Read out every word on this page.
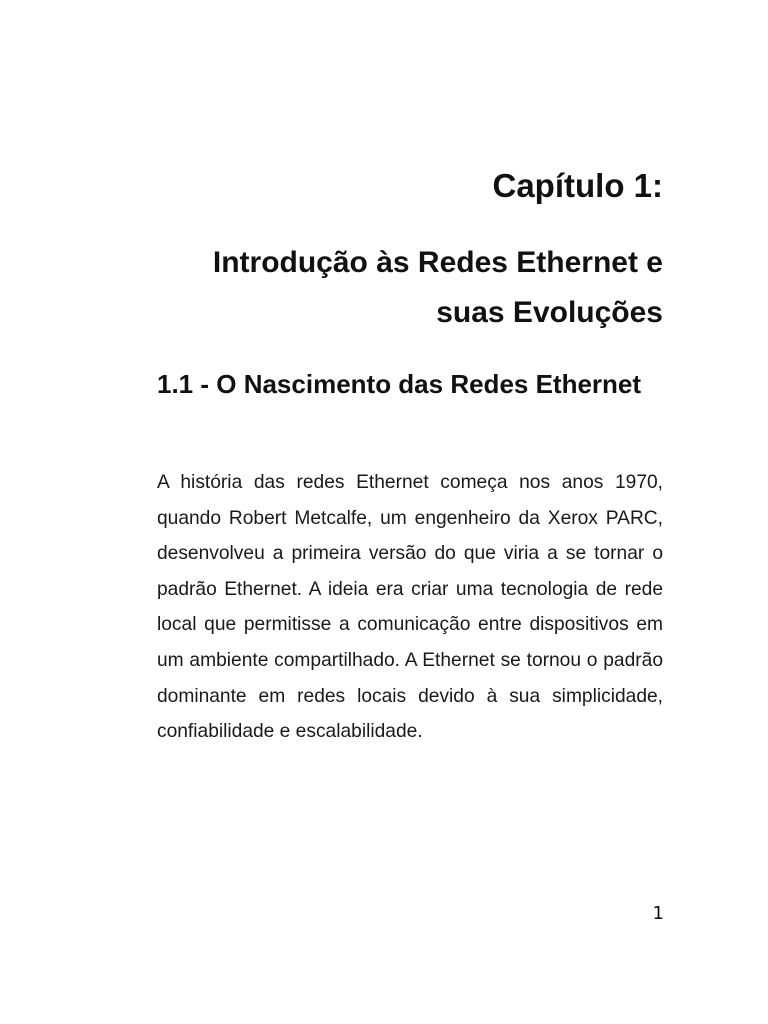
Capítulo 1:
Introdução às Redes Ethernet e suas Evoluções
1.1 - O Nascimento das Redes Ethernet

A história das redes Ethernet começa nos anos 1970, quando Robert Metcalfe, um engenheiro da Xerox PARC, desenvolveu a primeira versão do que viria a se tornar o padrão Ethernet. A ideia era criar uma tecnologia de rede local que permitisse a comunicação entre dispositivos em um ambiente compartilhado. A Ethernet se tornou o padrão dominante em redes locais devido à sua simplicidade, confiabilidade e escalabilidade.

1
